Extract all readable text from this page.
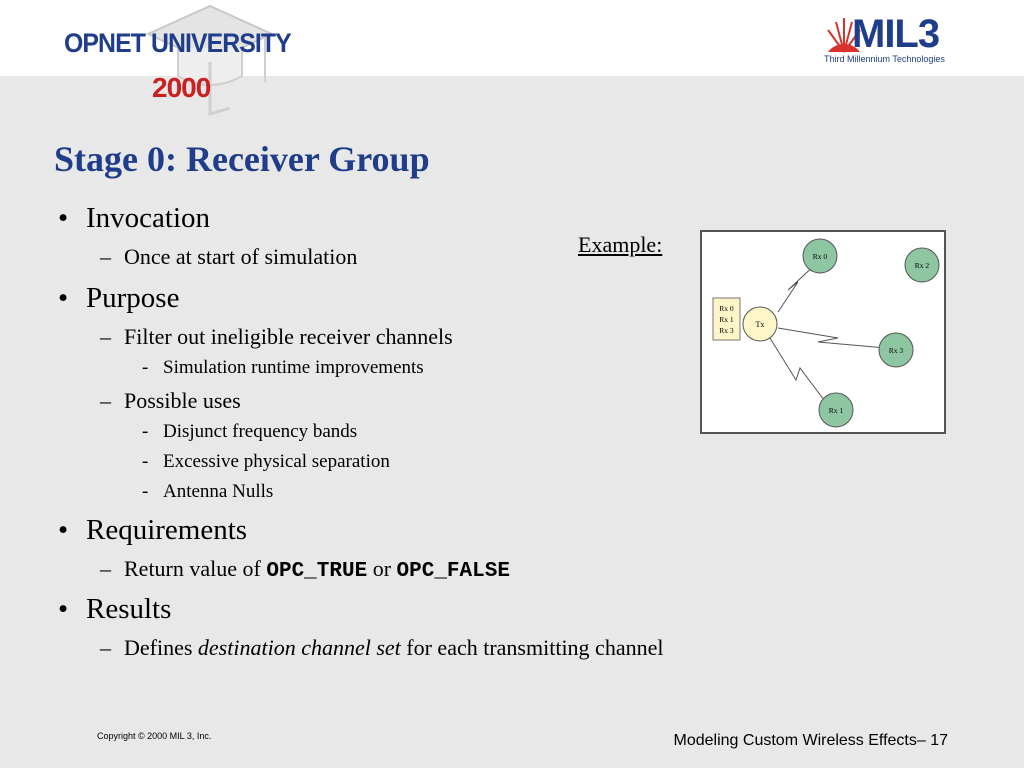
OPNET UNIVERSITY
2000
MIL3
Third Millennium Technologies
Stage 0: Receiver Group
• Invocation
– Once at start of simulation
• Purpose
– Filter out ineligible receiver channels
- Simulation runtime improvements
– Possible uses
- Disjunct frequency bands
- Excessive physical separation
- Antenna Nulls
• Requirements
– Return value of OPC_TRUE or OPC_FALSE
• Results
– Defines destination channel set for each transmitting channel
Example:
Rx 0
Rx 1
Rx 3
Tx
Rx 0
Rx 2
Rx 3
Rx 1
Copyright © 2000 MIL 3, Inc.	Modeling Custom Wireless Effects– 17
